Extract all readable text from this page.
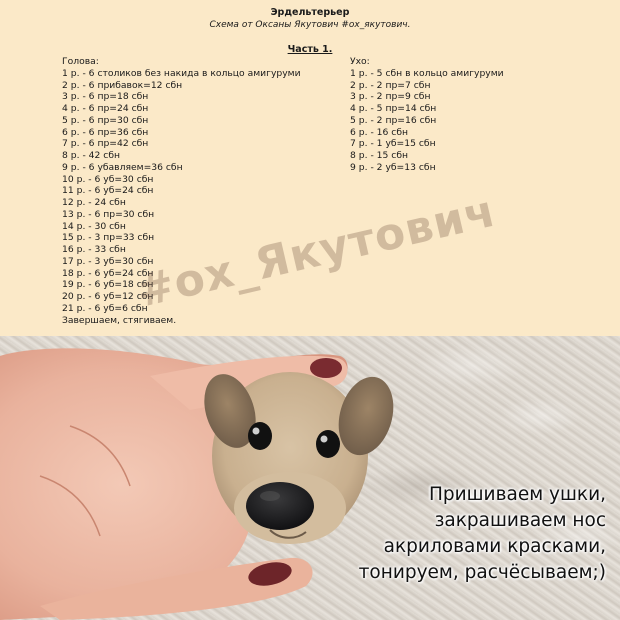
Эрдельтерьер
Схема от Оксаны Якутович #ох_якутович.
Часть 1.
Голова:
1 р. - 6 столиков без накида в кольцо амигуруми
2 р. - 6 прибавок=12 сбн
3 р. - 6 пр=18 сбн
4 р. - 6 пр=24 сбн
5 р. - 6 пр=30 сбн
6 р. - 6 пр=36 сбн
7 р. - 6 пр=42 сбн
8 р. - 42 сбн
9 р. - 6 убавляем=36 сбн
10 р. - 6 уб=30 сбн
11 р. - 6 уб=24 сбн
12 р. - 24 сбн
13 р. - 6 пр=30 сбн
14 р. - 30 сбн
15 р. - 3 пр=33 сбн
16 р. - 33 сбн
17 р. - 3 уб=30 сбн
18 р. - 6 уб=24 сбн
19 р. - 6 уб=18 сбн
20 р. - 6 уб=12 сбн
21 р. - 6 уб=6 сбн
Завершаем, стягиваем.
Ухо:
1 р. - 5 сбн в кольцо амигуруми
2 р. - 2 пр=7 сбн
3 р. - 2 пр=9 сбн
4 р. - 5 пр=14 сбн
5 р. - 2 пр=16 сбн
6 р. - 16 сбн
7 р. - 1 уб=15 сбн
8 р. - 15 сбн
9 р. - 2 уб=13 сбн
Пришиваем ушки,
закрашиваем нос
акриловами красками,
тонируем, расчёсываем;)
#ох_Якутович
